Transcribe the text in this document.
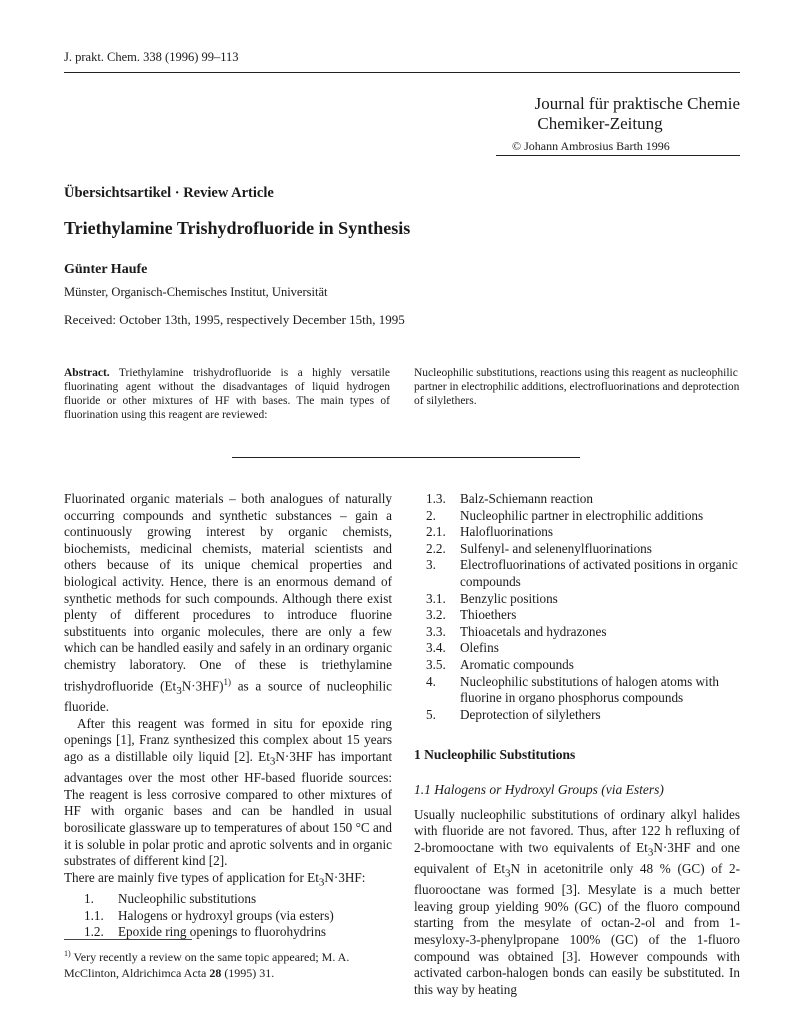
J. prakt. Chem. 338 (1996) 99–113
Journal für praktische Chemie

Chemiker-Zeitung
© Johann Ambrosius Barth 1996
Übersichtsartikel · Review Article
Triethylamine Trishydrofluoride in Synthesis
Günter Haufe
Münster, Organisch-Chemisches Institut, Universität
Received: October 13th, 1995, respectively December 15th, 1995
Abstract. Triethylamine trishydrofluoride is a highly versatile fluorinating agent without the disadvantages of liquid hydrogen fluoride or other mixtures of HF with bases. The main types of fluorination using this reagent are reviewed:
Nucleophilic substitutions, reactions using this reagent as nucleophilic partner in electrophilic additions, electrofluorinations and deprotection of silylethers.

Fluorinated organic materials – both analogues of naturally occurring compounds and synthetic substances – gain a continuously growing interest by organic chemists, biochemists, medicinal chemists, material scientists and others because of its unique chemical properties and biological activity. Hence, there is an enormous demand of synthetic methods for such compounds. Although there exist plenty of different procedures to introduce fluorine substituents into organic molecules, there are only a few which can be handled easily and safely in an ordinary organic chemistry laboratory. One of these is triethylamine trishydrofluoride $(Et_3N\cdot 3HF)^{1)}$ as a source of nucleophilic fluoride.

After this reagent was formed in situ for epoxide ring openings [1], Franz synthesized this complex about 15 years ago as a distillable oily liquid [2]. $Et_3N\cdot 3HF$ has important advantages over the most other HF-based fluoride sources: The reagent is less corrosive compared to other mixtures of HF with organic bases and can be handled in usual borosilicate glassware up to temperatures of about 150 °C and it is soluble in polar protic and aprotic solvents and in organic substrates of different kind [2].

There are mainly five types of application for $Et_3N\cdot 3HF$:

1.	Nucleophilic substitutions
1.1.	Halogens or hydroxyl groups (via esters)
1.2.	Epoxide ring openings to fluorohydrins
$^{1)}$ Very recently a review on the same topic appeared; M. A. McClinton, Aldrichimca Acta 28 (1995) 31.
1.3.	Balz-Schiemann reaction
2.	Nucleophilic partner in electrophilic additions
2.1.	Halofluorinations
2.2.	Sulfenyl- and selenenylfluorinations
3.	Electrofluorinations of activated positions in organic compounds
3.1.	Benzylic positions
3.2.	Thioethers
3.3.	Thioacetals and hydrazones
3.4.	Olefins
3.5.	Aromatic compounds
4.	Nucleophilic substitutions of halogen atoms with fluorine in organo phosphorus compounds
5.	Deprotection of silylethers
1 Nucleophilic Substitutions
1.1 Halogens or Hydroxyl Groups (via Esters)

Usually nucleophilic substitutions of ordinary alkyl halides with fluoride are not favored. Thus, after 122 h refluxing of 2-bromooctane with two equivalents of $Et_3N\cdot 3HF$ and one equivalent of $Et_3N$ in acetonitrile only 48 % (GC) of 2-fluorooctane was formed [3]. Mesylate is a much better leaving group yielding 90% (GC) of the fluoro compound starting from the mesylate of octan-2-ol and from 1-mesyloxy-3-phenylpropane 100% (GC) of the 1-fluoro compound was obtained [3]. However compounds with activated carbon-halogen bonds can easily be substituted. In this way by heating
